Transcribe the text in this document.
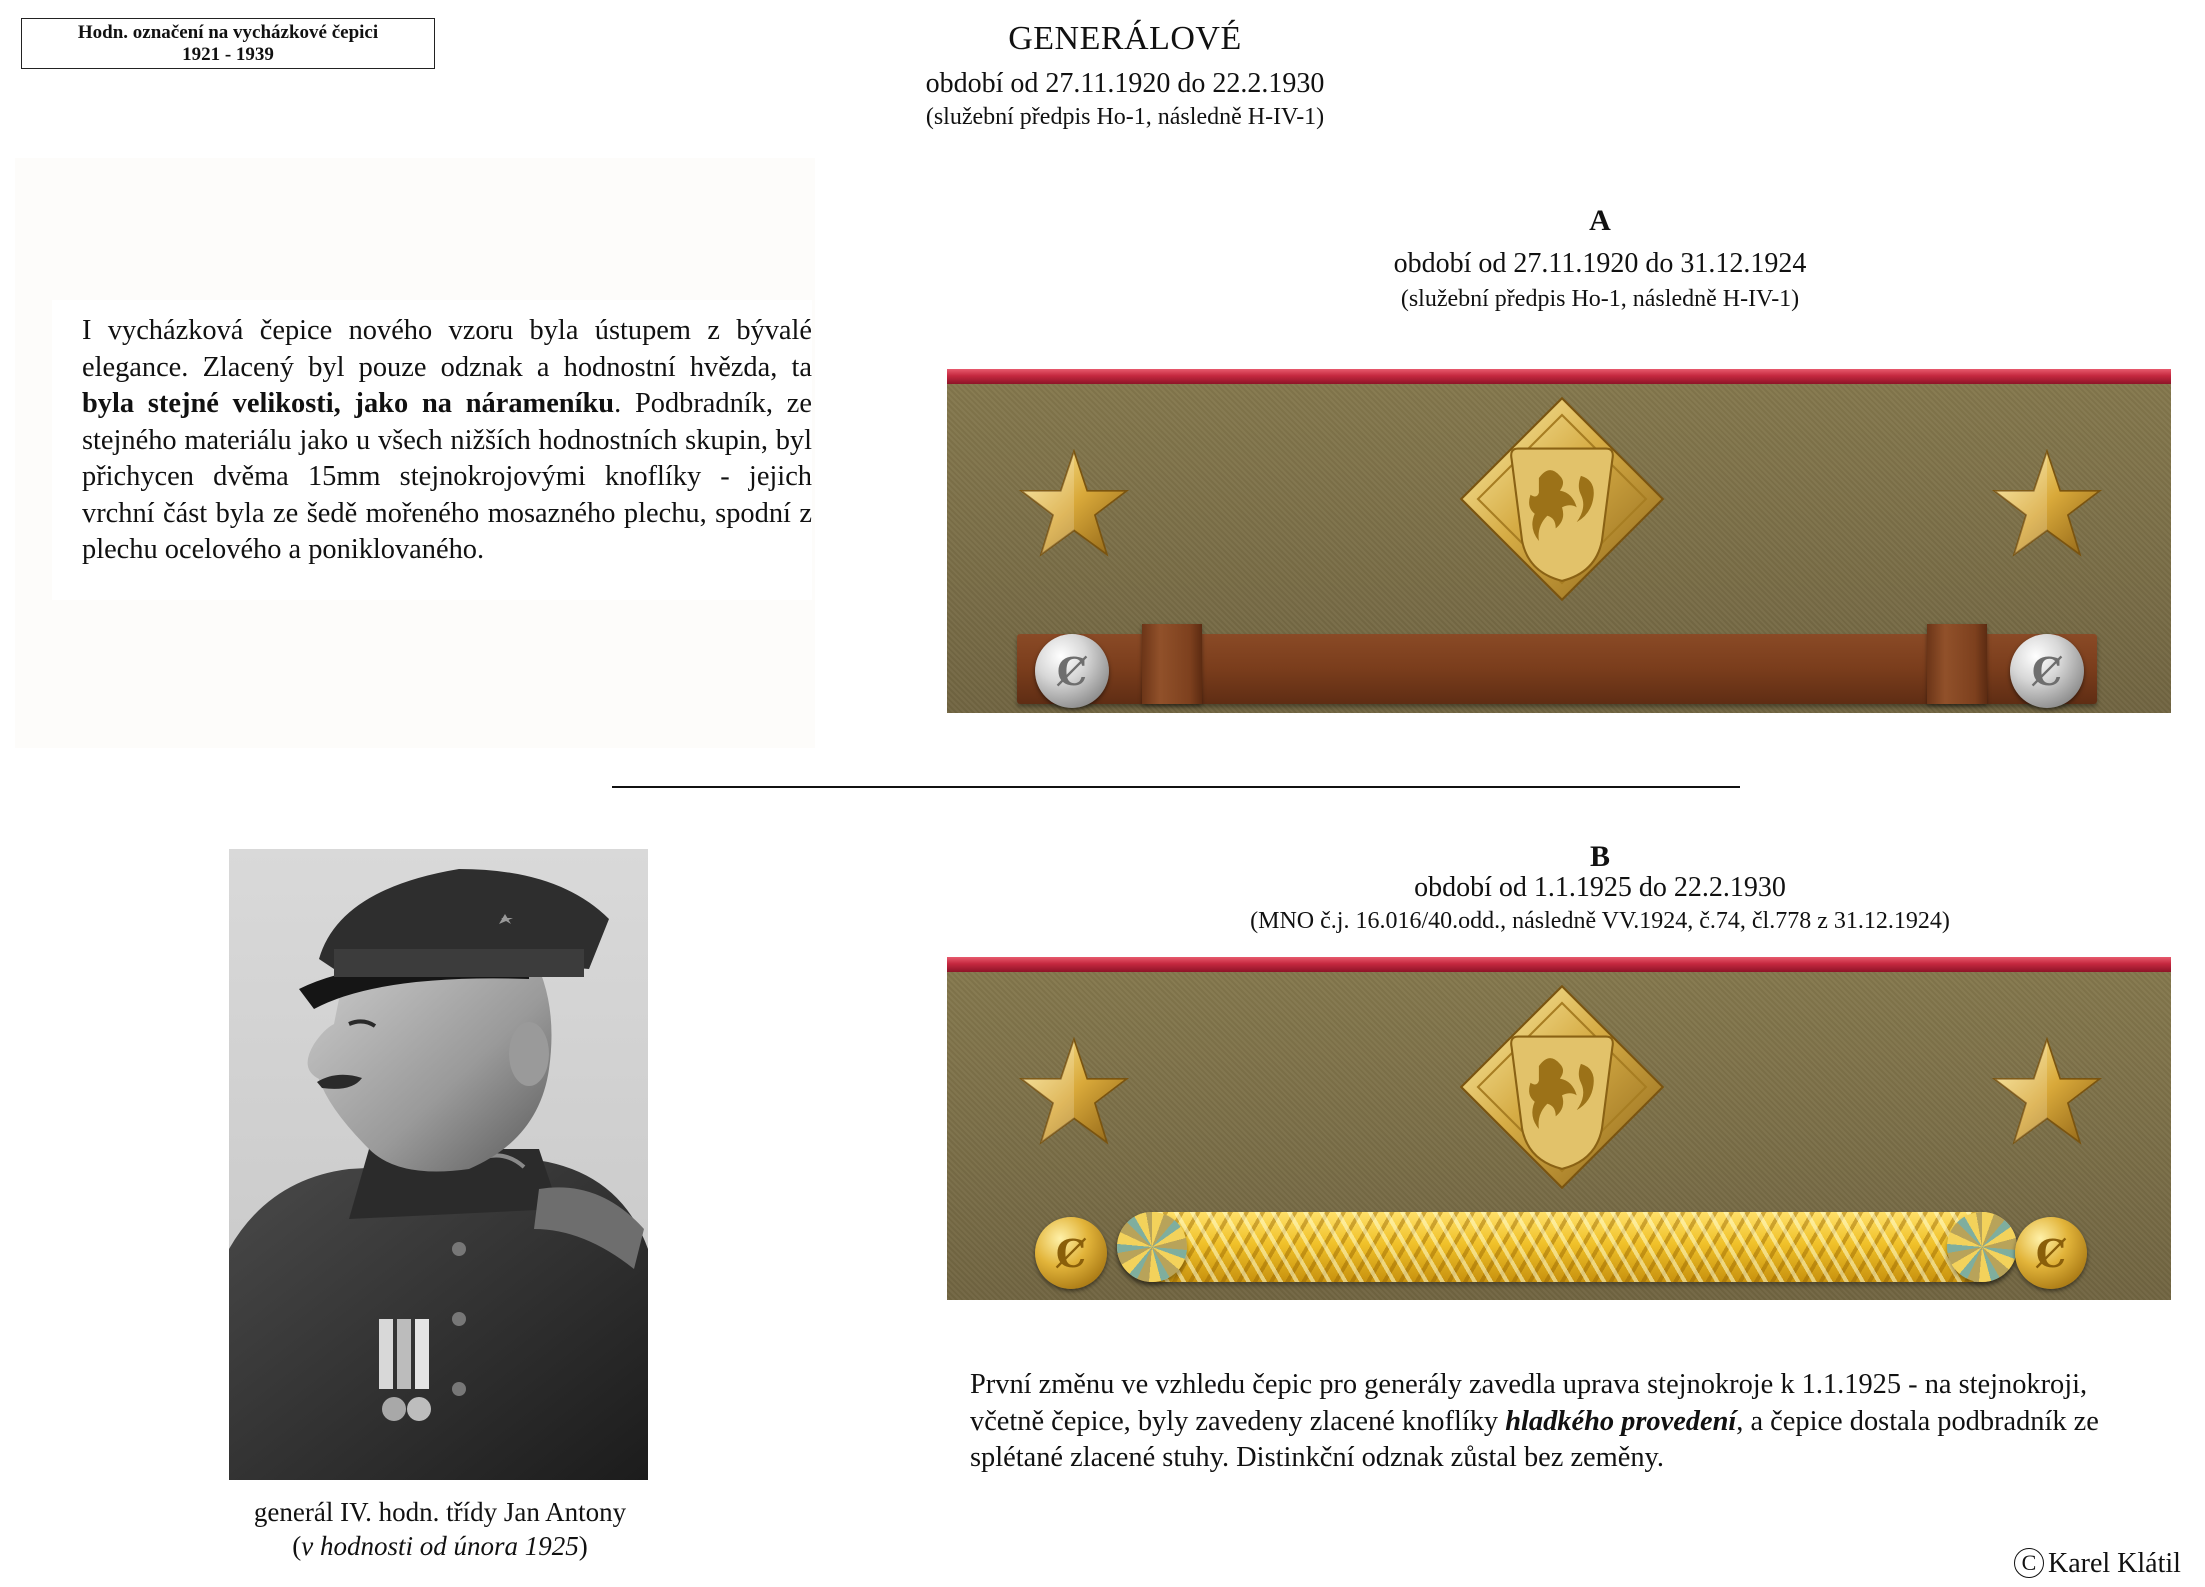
Hodn. označení na vycházkové čepici
1921 - 1939	GENERÁLOVÉ
období od 27.11.1920 do 22.2.1930
(služební předpis Ho-1, následně H-IV-1)
I vycházková čepice nového vzoru byla ústupem z bývalé elegance. Zlacený byl pouze odznak a hodnostní hvězda, ta byla stejné velikosti, jako na nárameníku. Podbradník, ze stejného materiálu jako u všech nižších hodnostních skupin, byl přichycen dvěma 15mm stejnokrojovými knoflíky - jejich vrchní část byla ze šedě mořeného mosazného plechu, spodní z plechu ocelového a poniklovaného.
A
období od 27.11.1920 do 31.12.1924
(služební předpis Ho-1, následně H-IV-1)
Ȼ	Ȼ
B
období od 1.1.1925 do 22.2.1930
(MNO č.j. 16.016/40.odd., následně VV.1924, č.74, čl.778 z 31.12.1924)
Ȼ	Ȼ
generál IV. hodn. třídy Jan Antony
(v hodnosti od února 1925)
První změnu ve vzhledu čepic pro generály zavedla uprava stejnokroje k 1.1.1925 - na stejnokroji, včetně čepice, byly zavedeny zlacené knoflíky hladkého provedení, a čepice dostala podbradník ze splétané zlacené stuhy. Distinkční odznak zůstal bez zeměny.
C Karel Klátil
